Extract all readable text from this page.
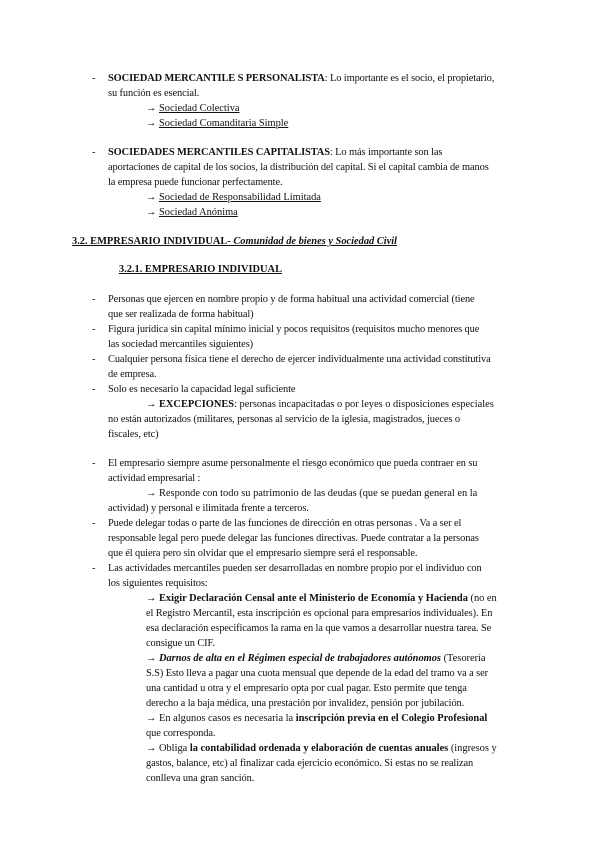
- SOCIEDAD MERCANTILE S PERSONALISTA: Lo importante es el socio, el propietario,
su función es esencial.
→ Sociedad Colectiva
→ Sociedad Comanditaria Simple
- SOCIEDADES MERCANTILES CAPITALISTAS: Lo más importante son las
aportaciones de capital de los socios, la distribución del capital. Si el capital cambia de manos
la empresa puede funcionar perfectamente.
→ Sociedad de Responsabilidad Limitada
→ Sociedad Anónima
3.2. EMPRESARIO INDIVIDUAL- Comunidad de bienes y Sociedad Civil
3.2.1. EMPRESARIO INDIVIDUAL
- Personas que ejercen en nombre propio y de forma habitual una actividad comercial (tiene
que ser realizada de forma habitual)
- Figura jurídica sin capital mínimo inicial y pocos requisitos (requisitos mucho menores que
las sociedad mercantiles siguientes)
- Cualquier persona física tiene el derecho de ejercer individualmente una actividad constitutiva
de empresa.
- Solo es necesario la capacidad legal suficiente
→ EXCEPCIONES: personas incapacitadas o por leyes o disposiciones especiales
no están autorizados (militares, personas al servicio de la iglesia, magistrados, jueces o
fiscales, etc)
- El empresario siempre asume personalmente el riesgo económico que pueda contraer en su
actividad empresarial :
→ Responde con todo su patrimonio de las deudas (que se puedan general en la
actividad) y personal e ilimitada frente a terceros.
- Puede delegar todas o parte de las funciones de dirección en otras personas . Va a ser el
responsable legal pero puede delegar las funciones directivas. Puede contratar a la personas
que él quiera pero sin olvidar que el empresario siempre será el responsable.
- Las actividades mercantiles pueden ser desarrolladas en nombre propio por el individuo con
los siguientes requisitos:
→ Exigir Declaración Censal ante el Ministerio de Economía y Hacienda (no en
el Registro Mercantil, esta inscripción es opcional para empresarios individuales). En
esa declaración especificamos la rama en la que vamos a desarrollar nuestra tarea. Se
consigue un CIF.
→ Darnos de alta en el Régimen especial de trabajadores autónomos (Tesorería
S.S) Esto lleva a pagar una cuota mensual que depende de la edad del tramo va a ser
una cantidad u otra y el empresario opta por cual pagar. Esto permite que tenga
derecho a la baja médica, una prestación por invalidez, pensión por jubilación.
→ En algunos casos es necesaria la inscripción previa en el Colegio Profesional
que corresponda.
→ Obliga la contabilidad ordenada y elaboración de cuentas anuales (ingresos y
gastos, balance, etc) al finalizar cada ejercicio económico. Si estas no se realizan
conlleva una gran sanción.
